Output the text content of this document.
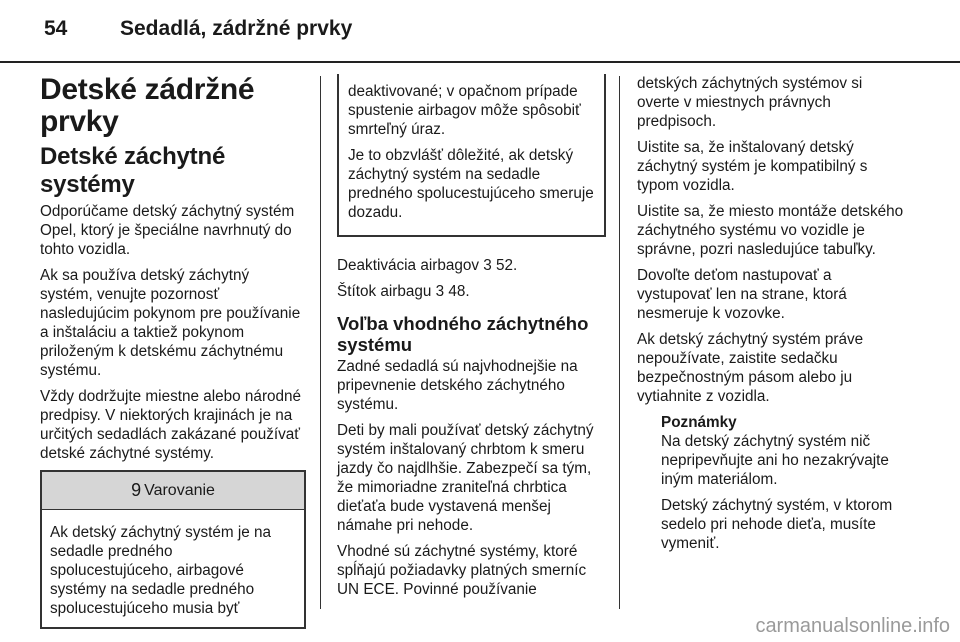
54	Sedadlá, zádržné prvky
Detské zádržné prvky
Detské záchytné systémy

Odporúčame detský záchytný systém Opel, ktorý je špeciálne navrhnutý do tohto vozidla.

Ak sa používa detský záchytný systém, venujte pozornosť nasledujúcim pokynom pre používanie a inštaláciu a taktiež pokynom priloženým k detskému záchytnému systému.

Vždy dodržujte miestne alebo národné predpisy. V niektorých krajinách je na určitých sedadlách zakázané používať detské záchytné systémy.

9 Varovanie

Ak detský záchytný systém je na sedadle predného spolucestujúceho, airbagové systémy na sedadle predného spolucestujúceho musia byť

deaktivované; v opačnom prípade spustenie airbagov môže spôsobiť smrteľný úraz.

Je to obzvlášť dôležité, ak detský záchytný systém na sedadle predného spolucestujúceho smeruje dozadu.

Deaktivácia airbagov 3 52.

Štítok airbagu 3 48.

Voľba vhodného záchytného systému

Zadné sedadlá sú najvhodnejšie na pripevnenie detského záchytného systému.

Deti by mali používať detský záchytný systém inštalovaný chrbtom k smeru jazdy čo najdlhšie. Zabezpečí sa tým, že mimoriadne zraniteľná chrbtica dieťaťa bude vystavená menšej námahe pri nehode.

Vhodné sú záchytné systémy, ktoré spĺňajú požiadavky platných smerníc UN ECE. Povinné používanie

detských záchytných systémov si overte v miestnych právnych predpisoch.

Uistite sa, že inštalovaný detský záchytný systém je kompatibilný s typom vozidla.

Uistite sa, že miesto montáže detského záchytného systému vo vozidle je správne, pozri nasledujúce tabuľky.

Dovoľte deťom nastupovať a vystupovať len na strane, ktorá nesmeruje k vozovke.

Ak detský záchytný systém práve nepoužívate, zaistite sedačku bezpečnostným pásom alebo ju vytiahnite z vozidla.

Poznámky

Na detský záchytný systém nič nepripevňujte ani ho nezakrývajte iným materiálom.

Detský záchytný systém, v ktorom sedelo pri nehode dieťa, musíte vymeniť.

carmanualsonline.info
